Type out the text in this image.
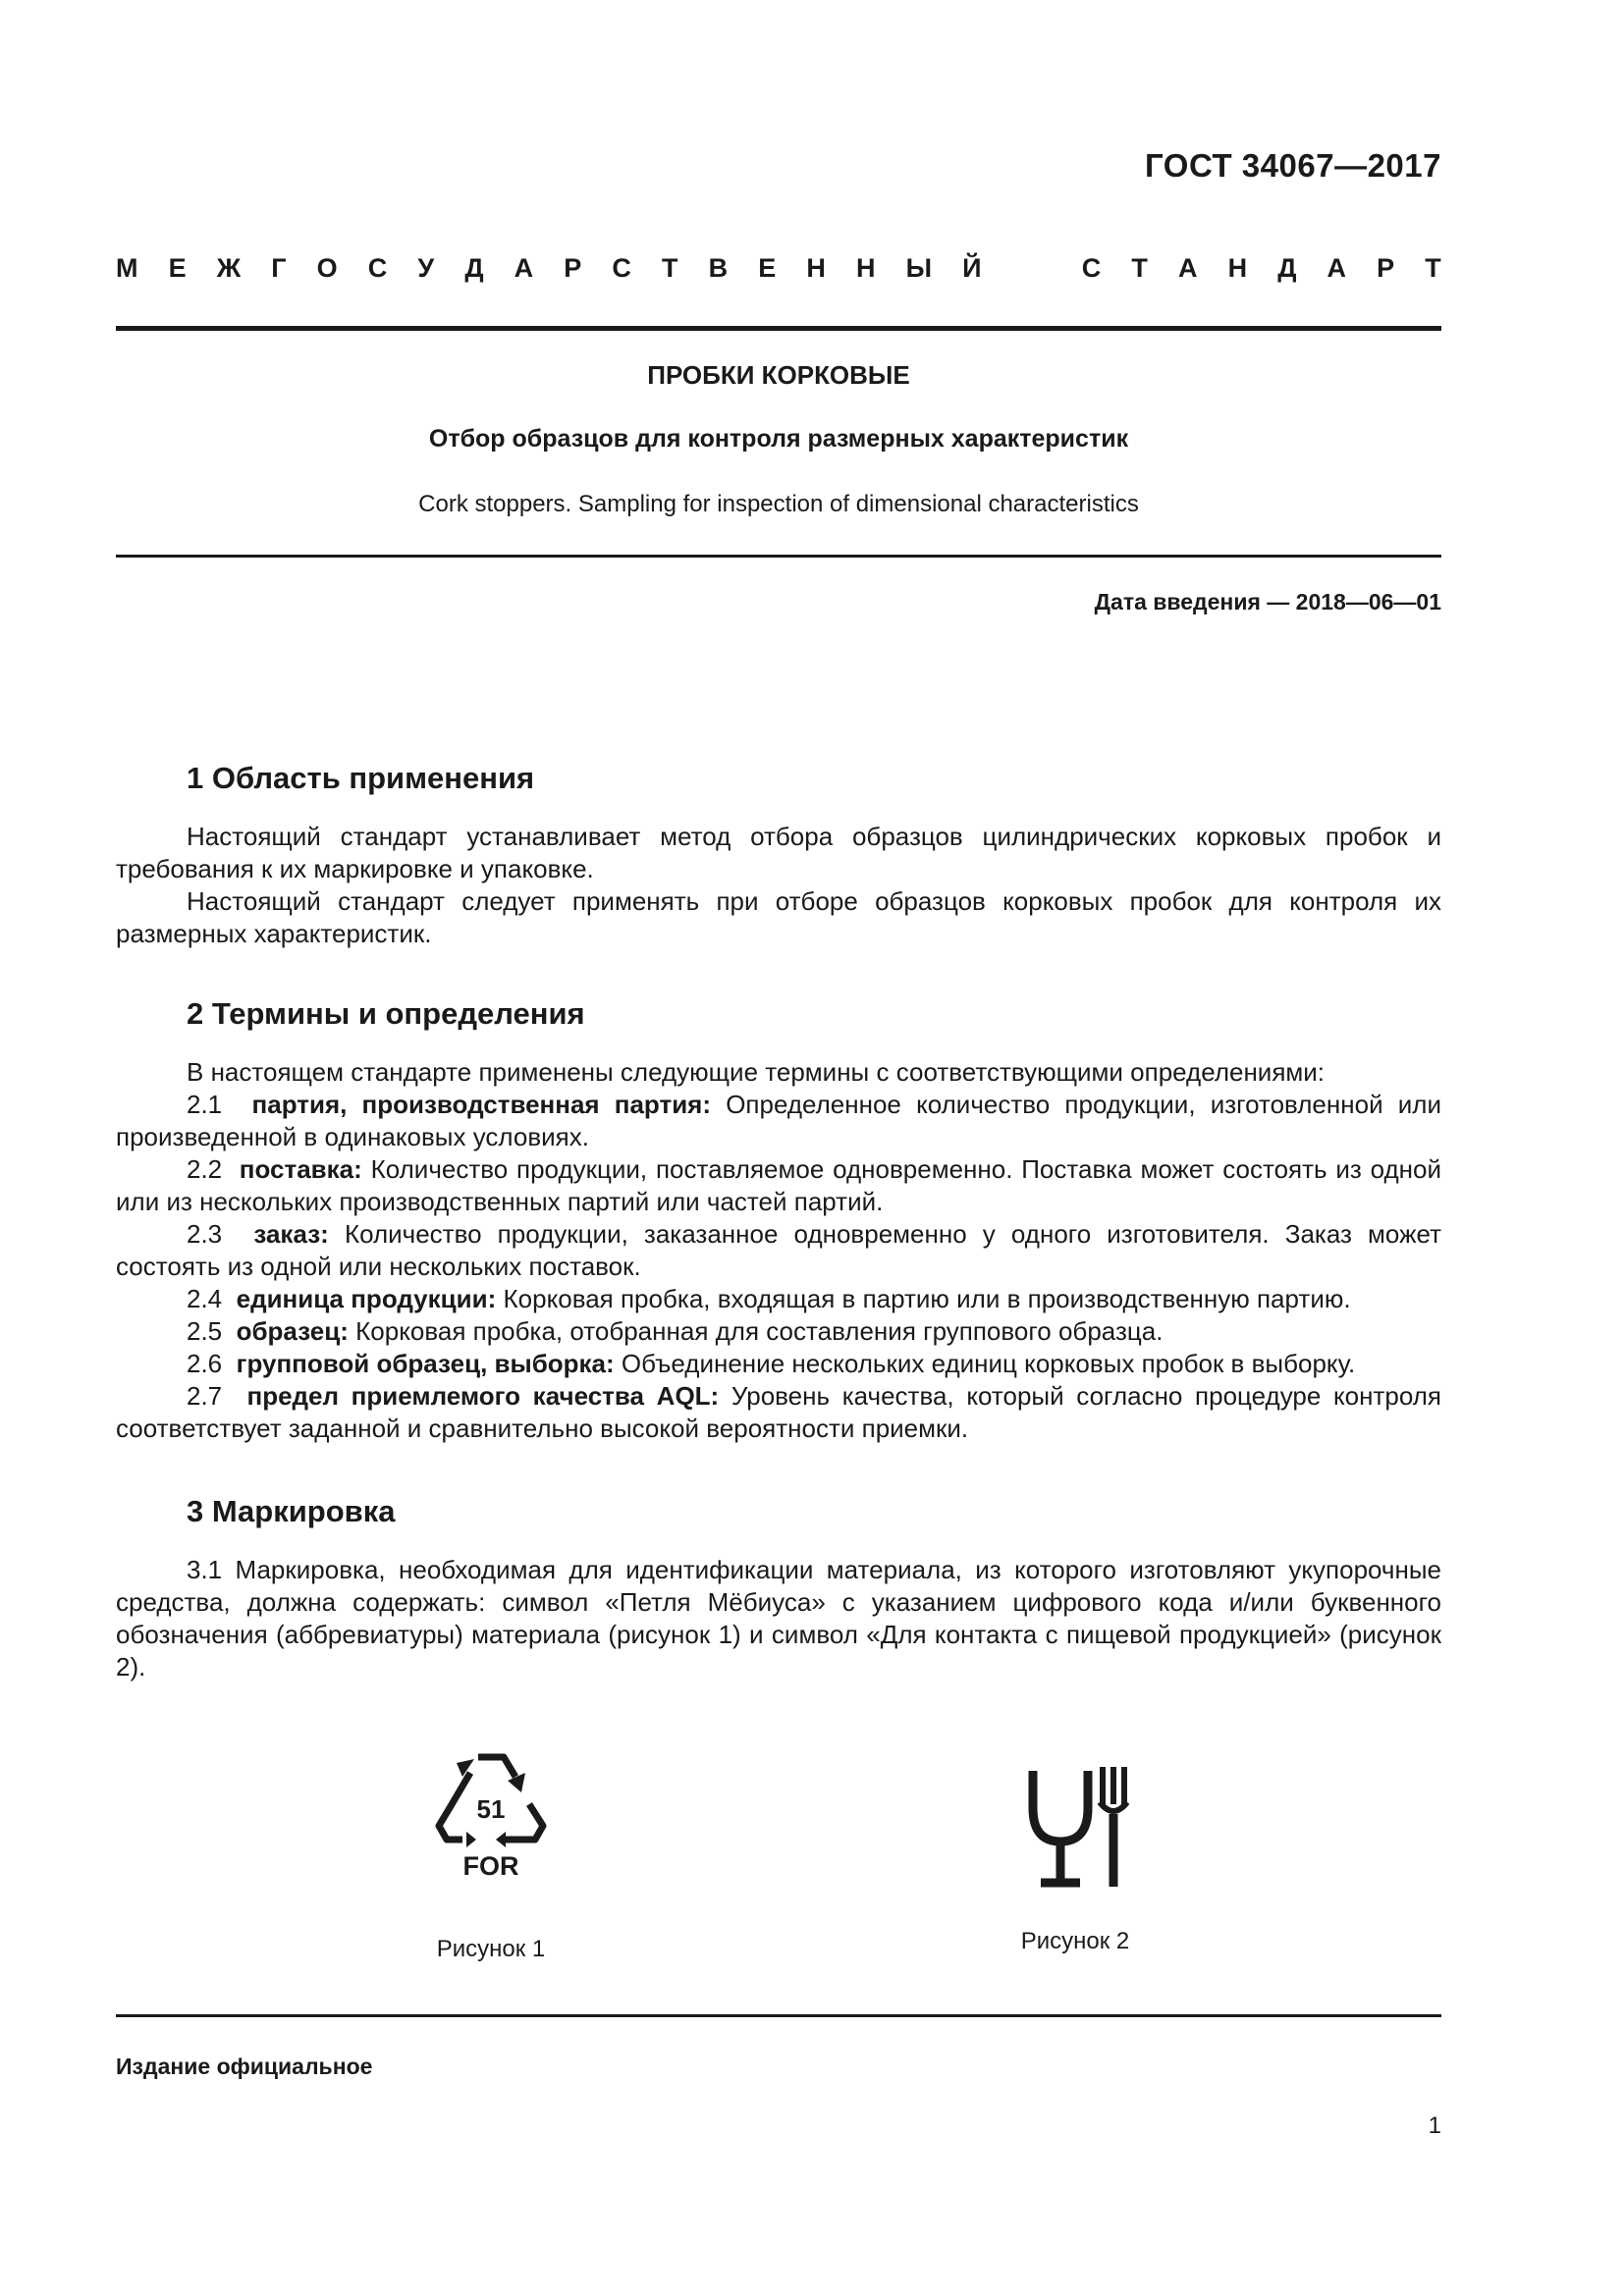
ГОСТ 34067—2017
М Е Ж Г О С У Д А Р С Т В Е Н Н Ы Й	С Т А Н Д А Р Т
ПРОБКИ КОРКОВЫЕ
Отбор образцов для контроля размерных характеристик
Cork stoppers. Sampling for inspection of dimensional characteristics
Дата введения — 2018—06—01
1 Область применения

Настоящий стандарт устанавливает метод отбора образцов цилиндрических корковых пробок и требования к их маркировке и упаковке.

Настоящий стандарт следует применять при отборе образцов корковых пробок для контроля их размерных характеристик.

2 Термины и определения

В настоящем стандарте применены следующие термины с соответствующими определениями:

2.1 партия, производственная партия: Определенное количество продукции, изготовленной или произведенной в одинаковых условиях.

2.2 поставка: Количество продукции, поставляемое одновременно. Поставка может состоять из одной или из нескольких производственных партий или частей партий.

2.3 заказ: Количество продукции, заказанное одновременно у одного изготовителя. Заказ может состоять из одной или нескольких поставок.

2.4 единица продукции: Корковая пробка, входящая в партию или в производственную партию.

2.5 образец: Корковая пробка, отобранная для составления группового образца.

2.6 групповой образец, выборка: Объединение нескольких единиц корковых пробок в выборку.

2.7 предел приемлемого качества AQL: Уровень качества, который согласно процедуре контроля соответствует заданной и сравнительно высокой вероятности приемки.

3 Маркировка

3.1 Маркировка, необходимая для идентификации материала, из которого изготовляют укупорочные средства, должна содержать: символ «Петля Мёбиуса» с указанием цифрового кода и/или буквенного обозначения (аббревиатуры) материала (рисунок 1) и символ «Для контакта с пищевой продукцией» (рисунок 2).

51
FOR
Рисунок 1	Рисунок 2
Издание официальное
1
